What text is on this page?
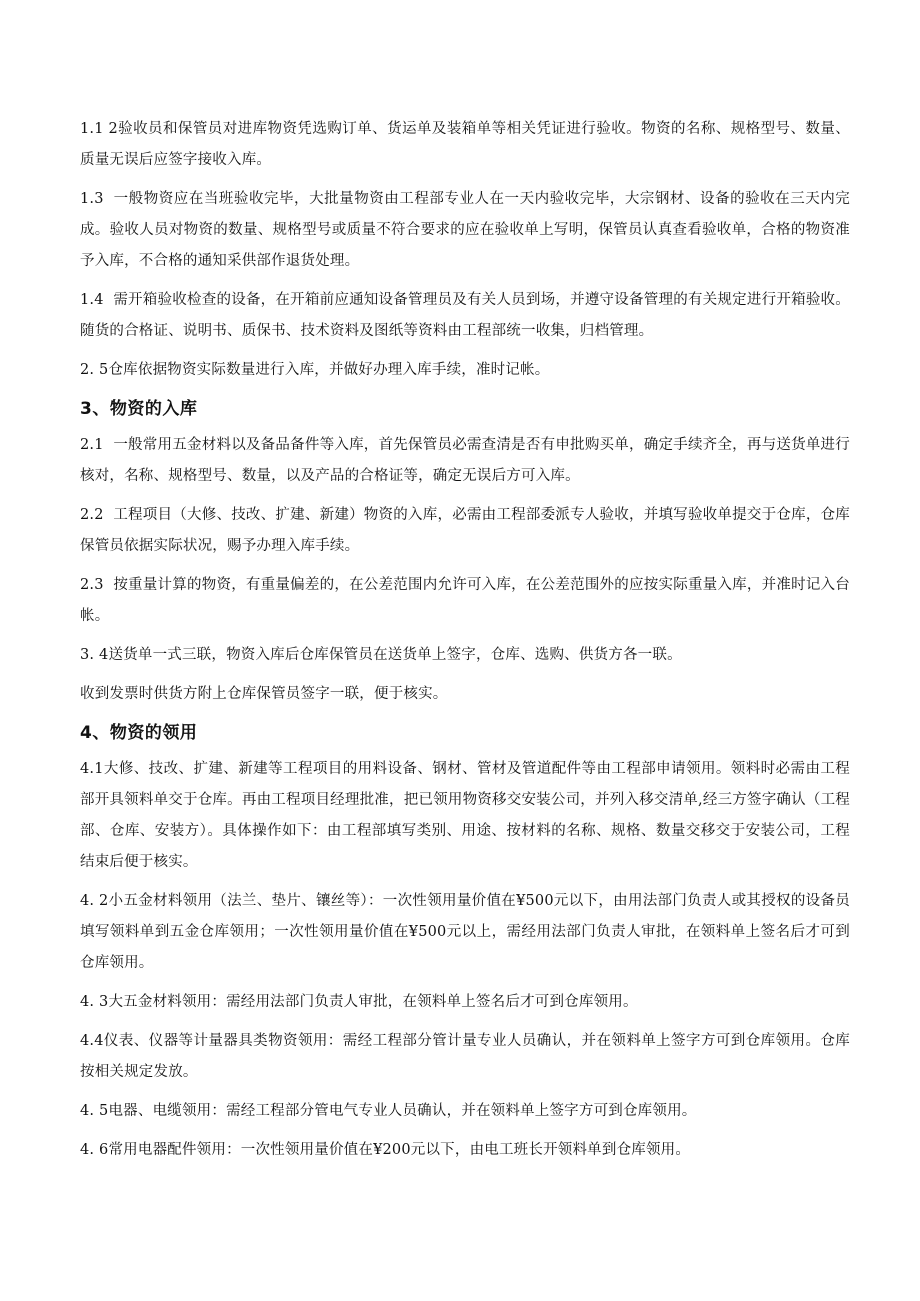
1.1 2验收员和保管员对进库物资凭选购订单、货运单及装箱单等相关凭证进行验收。物资的名称、规格型号、数量、质量无误后应签字接收入库。

1.3  一般物资应在当班验收完毕，大批量物资由工程部专业人在一天内验收完毕，大宗钢材、设备的验收在三天内完成。验收人员对物资的数量、规格型号或质量不符合要求的应在验收单上写明，保管员认真查看验收单，合格的物资准予入库，不合格的通知采供部作退货处理。

1.4  需开箱验收检查的设备，在开箱前应通知设备管理员及有关人员到场，并遵守设备管理的有关规定进行开箱验收。随货的合格证、说明书、质保书、技术资料及图纸等资料由工程部统一收集，归档管理。

2. 5仓库依据物资实际数量进行入库，并做好办理入库手续，准时记帐。

3、物资的入库

2.1  一般常用五金材料以及备品备件等入库，首先保管员必需查清是否有申批购买单，确定手续齐全，再与送货单进行核对，名称、规格型号、数量，以及产品的合格证等，确定无误后方可入库。

2.2  工程项目（大修、技改、扩建、新建）物资的入库，必需由工程部委派专人验收，并填写验收单提交于仓库，仓库保管员依据实际状况，赐予办理入库手续。

2.3  按重量计算的物资，有重量偏差的，在公差范围内允许可入库，在公差范围外的应按实际重量入库，并准时记入台帐。

3. 4送货单一式三联，物资入库后仓库保管员在送货单上签字，仓库、选购、供货方各一联。

收到发票时供货方附上仓库保管员签字一联，便于核实。

4、物资的领用

4.1大修、技改、扩建、新建等工程项目的用料设备、钢材、管材及管道配件等由工程部申请领用。领料时必需由工程部开具领料单交于仓库。再由工程项目经理批准，把已领用物资移交安装公司，并列入移交清单,经三方签字确认（工程部、仓库、安装方）。具体操作如下：由工程部填写类别、用途、按材料的名称、规格、数量交移交于安装公司，工程结束后便于核实。

4. 2小五金材料领用（法兰、垫片、镶丝等）：一次性领用量价值在¥500元以下，由用法部门负责人或其授权的设备员填写领料单到五金仓库领用；一次性领用量价值在¥500元以上，需经用法部门负责人审批，在领料单上签名后才可到仓库领用。

4. 3大五金材料领用：需经用法部门负责人审批，在领料单上签名后才可到仓库领用。

4.4仪表、仪器等计量器具类物资领用：需经工程部分管计量专业人员确认，并在领料单上签字方可到仓库领用。仓库按相关规定发放。

4. 5电器、电缆领用：需经工程部分管电气专业人员确认，并在领料单上签字方可到仓库领用。

4. 6常用电器配件领用：一次性领用量价值在¥200元以下，由电工班长开领料单到仓库领用。
